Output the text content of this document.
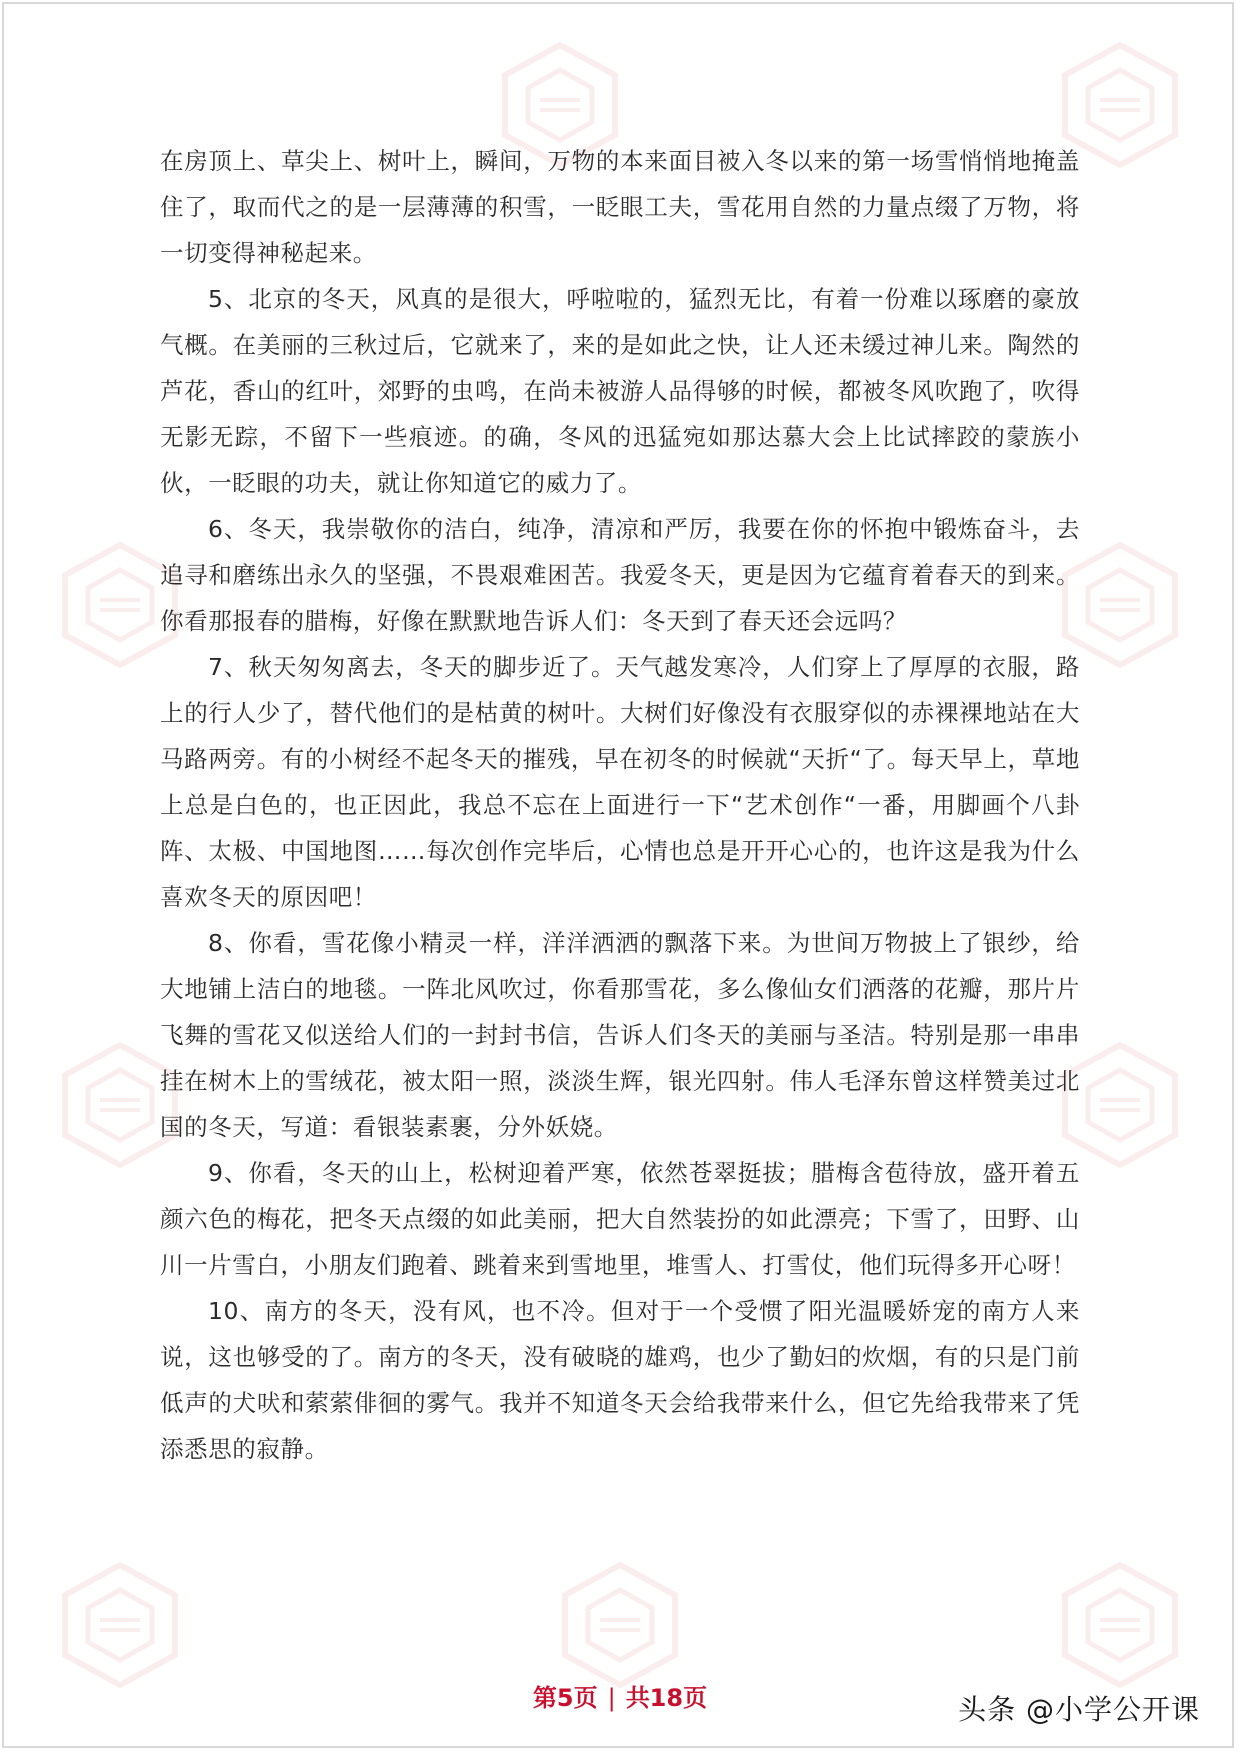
在房顶上、草尖上、树叶上，瞬间，万物的本来面目被入冬以来的第一场雪悄悄地掩盖住了，取而代之的是一层薄薄的积雪，一眨眼工夫，雪花用自然的力量点缀了万物，将一切变得神秘起来。

5、北京的冬天，风真的是很大，呼啦啦的，猛烈无比，有着一份难以琢磨的豪放气概。在美丽的三秋过后，它就来了，来的是如此之快，让人还未缓过神儿来。陶然的芦花，香山的红叶，郊野的虫鸣，在尚未被游人品得够的时候，都被冬风吹跑了，吹得无影无踪，不留下一些痕迹。的确，冬风的迅猛宛如那达慕大会上比试摔跤的蒙族小伙，一眨眼的功夫，就让你知道它的威力了。

6、冬天，我崇敬你的洁白，纯净，清凉和严厉，我要在你的怀抱中锻炼奋斗，去追寻和磨练出永久的坚强，不畏艰难困苦。我爱冬天，更是因为它蕴育着春天的到来。你看那报春的腊梅，好像在默默地告诉人们：冬天到了春天还会远吗？

7、秋天匆匆离去，冬天的脚步近了。天气越发寒冷，人们穿上了厚厚的衣服，路上的行人少了，替代他们的是枯黄的树叶。大树们好像没有衣服穿似的赤裸裸地站在大马路两旁。有的小树经不起冬天的摧残，早在初冬的时候就“天折“了。每天早上，草地上总是白色的，也正因此，我总不忘在上面进行一下“艺术创作“一番，用脚画个八卦阵、太极、中国地图……每次创作完毕后，心情也总是开开心心的，也许这是我为什么喜欢冬天的原因吧！

8、你看，雪花像小精灵一样，洋洋洒洒的飘落下来。为世间万物披上了银纱，给大地铺上洁白的地毯。一阵北风吹过，你看那雪花，多么像仙女们洒落的花瓣，那片片飞舞的雪花又似送给人们的一封封书信，告诉人们冬天的美丽与圣洁。特别是那一串串挂在树木上的雪绒花，被太阳一照，淡淡生辉，银光四射。伟人毛泽东曾这样赞美过北国的冬天，写道：看银装素裹，分外妖娆。

9、你看，冬天的山上，松树迎着严寒，依然苍翠挺拔；腊梅含苞待放，盛开着五颜六色的梅花，把冬天点缀的如此美丽，把大自然装扮的如此漂亮；下雪了，田野、山川一片雪白，小朋友们跑着、跳着来到雪地里，堆雪人、打雪仗，他们玩得多开心呀！

10、南方的冬天，没有风，也不冷。但对于一个受惯了阳光温暖娇宠的南方人来说，这也够受的了。南方的冬天，没有破晓的雄鸡，也少了勤妇的炊烟，有的只是门前低声的犬吠和萦萦俳徊的雾气。我并不知道冬天会给我带来什么，但它先给我带来了凭添悉思的寂静。

第5页 | 共18页	头条 @小学公开课
